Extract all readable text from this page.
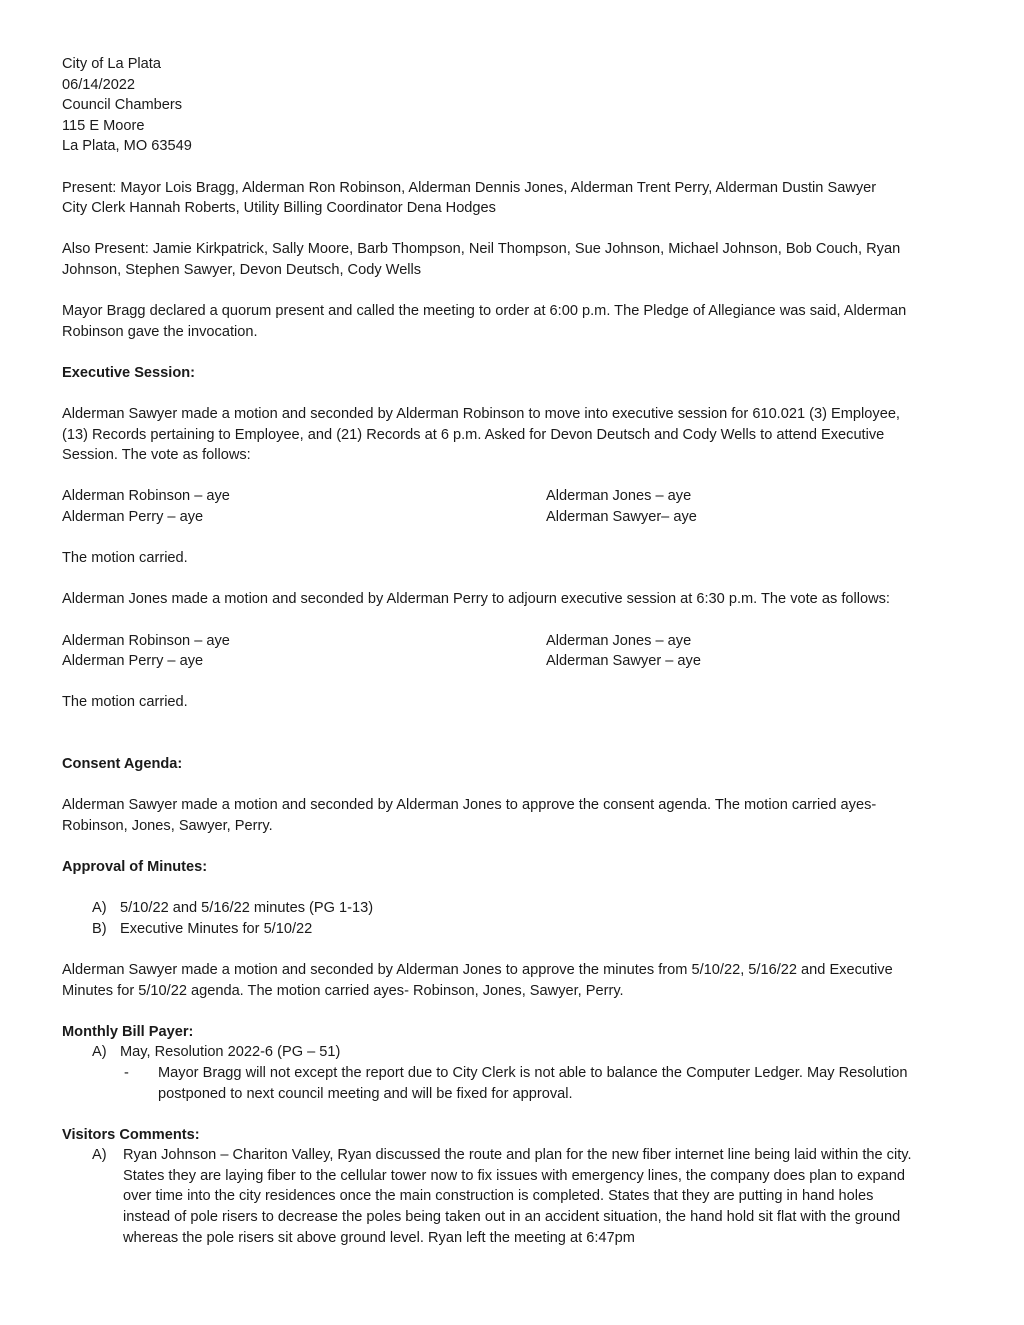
City of La Plata
06/14/2022
Council Chambers
115 E Moore
La Plata, MO 63549
Present: Mayor Lois Bragg, Alderman Ron Robinson, Alderman Dennis Jones, Alderman Trent Perry, Alderman Dustin Sawyer
City Clerk Hannah Roberts, Utility Billing Coordinator Dena Hodges
Also Present: Jamie Kirkpatrick, Sally Moore, Barb Thompson, Neil Thompson, Sue Johnson, Michael Johnson, Bob Couch, Ryan
Johnson, Stephen Sawyer, Devon Deutsch, Cody Wells
Mayor Bragg declared a quorum present and called the meeting to order at 6:00 p.m. The Pledge of Allegiance was said, Alderman
Robinson gave the invocation.
Executive Session:
Alderman Sawyer made a motion and seconded by Alderman Robinson to move into executive session for 610.021 (3) Employee,
(13) Records pertaining to Employee, and (21) Records at 6 p.m. Asked for Devon Deutsch and Cody Wells to attend Executive
Session. The vote as follows:
Alderman Robinson – aye	Alderman Jones – aye
Alderman Perry – aye	Alderman Sawyer– aye
The motion carried.
Alderman Jones made a motion and seconded by Alderman Perry to adjourn executive session at 6:30 p.m. The vote as follows:
Alderman Robinson – aye	Alderman Jones – aye
Alderman Perry – aye	Alderman Sawyer – aye
The motion carried.
Consent Agenda:
Alderman Sawyer made a motion and seconded by Alderman Jones to approve the consent agenda. The motion carried ayes-
Robinson, Jones, Sawyer, Perry.
Approval of Minutes:
A) 5/10/22 and 5/16/22 minutes (PG 1-13)
B) Executive Minutes for 5/10/22
Alderman Sawyer made a motion and seconded by Alderman Jones to approve the minutes from 5/10/22, 5/16/22 and Executive
Minutes for 5/10/22 agenda. The motion carried ayes- Robinson, Jones, Sawyer, Perry.
Monthly Bill Payer:
A) May, Resolution 2022-6 (PG – 51)
-	Mayor Bragg will not except the report due to City Clerk is not able to balance the Computer Ledger. May Resolution
postponed to next council meeting and will be fixed for approval.
Visitors Comments:
A)	Ryan Johnson – Chariton Valley, Ryan discussed the route and plan for the new fiber internet line being laid within the city.
States they are laying fiber to the cellular tower now to fix issues with emergency lines, the company does plan to expand
over time into the city residences once the main construction is completed. States that they are putting in hand holes
instead of pole risers to decrease the poles being taken out in an accident situation, the hand hold sit flat with the ground
whereas the pole risers sit above ground level. Ryan left the meeting at 6:47pm
